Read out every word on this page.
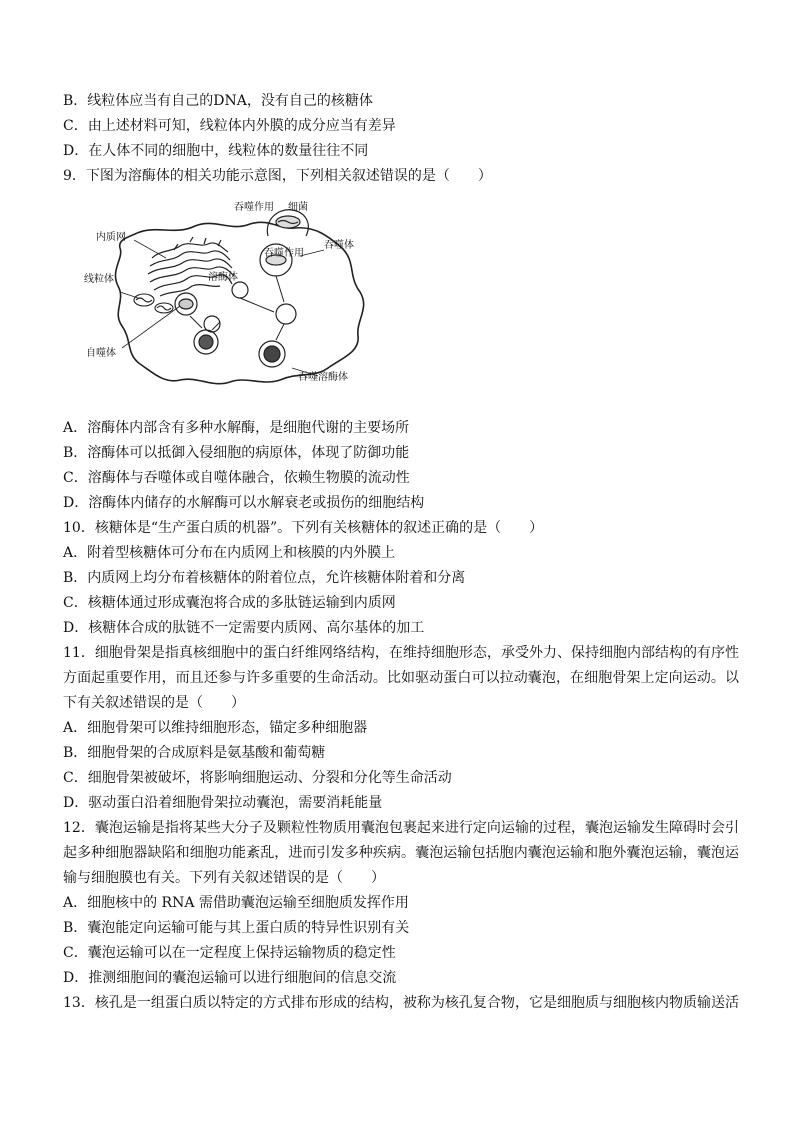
B．线粒体应当有自己的DNA，没有自己的核糖体
C．由上述材料可知，线粒体内外膜的成分应当有差异
D．在人体不同的细胞中，线粒体的数量往往不同
9．下图为溶酶体的相关功能示意图，下列相关叙述错误的是（　　）
吞噬作用 细菌
内质网
吞噬体
吞噬作用
线粒体	溶酶体
自噬体
吞噬溶酶体
A．溶酶体内部含有多种水解酶，是细胞代谢的主要场所
B．溶酶体可以抵御入侵细胞的病原体，体现了防御功能
C．溶酶体与吞噬体或自噬体融合，依赖生物膜的流动性
D．溶酶体内储存的水解酶可以水解衰老或损伤的细胞结构
10．核糖体是“生产蛋白质的机器”。下列有关核糖体的叙述正确的是（　　）
A．附着型核糖体可分布在内质网上和核膜的内外膜上
B．内质网上均分布着核糖体的附着位点，允许核糖体附着和分离
C．核糖体通过形成囊泡将合成的多肽链运输到内质网
D．核糖体合成的肽链不一定需要内质网、高尔基体的加工
11．细胞骨架是指真核细胞中的蛋白纤维网络结构，在维持细胞形态，承受外力、保持细胞内部结构的有序性
方面起重要作用，而且还参与许多重要的生命活动。比如驱动蛋白可以拉动囊泡，在细胞骨架上定向运动。以
下有关叙述错误的是（　　）
A．细胞骨架可以维持细胞形态，锚定多种细胞器
B．细胞骨架的合成原料是氨基酸和葡萄糖
C．细胞骨架被破坏，将影响细胞运动、分裂和分化等生命活动
D．驱动蛋白沿着细胞骨架拉动囊泡，需要消耗能量
12．囊泡运输是指将某些大分子及颗粒性物质用囊泡包裹起来进行定向运输的过程，囊泡运输发生障碍时会引
起多种细胞器缺陷和细胞功能紊乱，进而引发多种疾病。囊泡运输包括胞内囊泡运输和胞外囊泡运输，囊泡运
输与细胞膜也有关。下列有关叙述错误的是（　　）
A．细胞核中的 RNA 需借助囊泡运输至细胞质发挥作用
B．囊泡能定向运输可能与其上蛋白质的特异性识别有关
C．囊泡运输可以在一定程度上保持运输物质的稳定性
D．推测细胞间的囊泡运输可以进行细胞间的信息交流
13．核孔是一组蛋白质以特定的方式排布形成的结构，被称为核孔复合物，它是细胞质与细胞核内物质输送活
